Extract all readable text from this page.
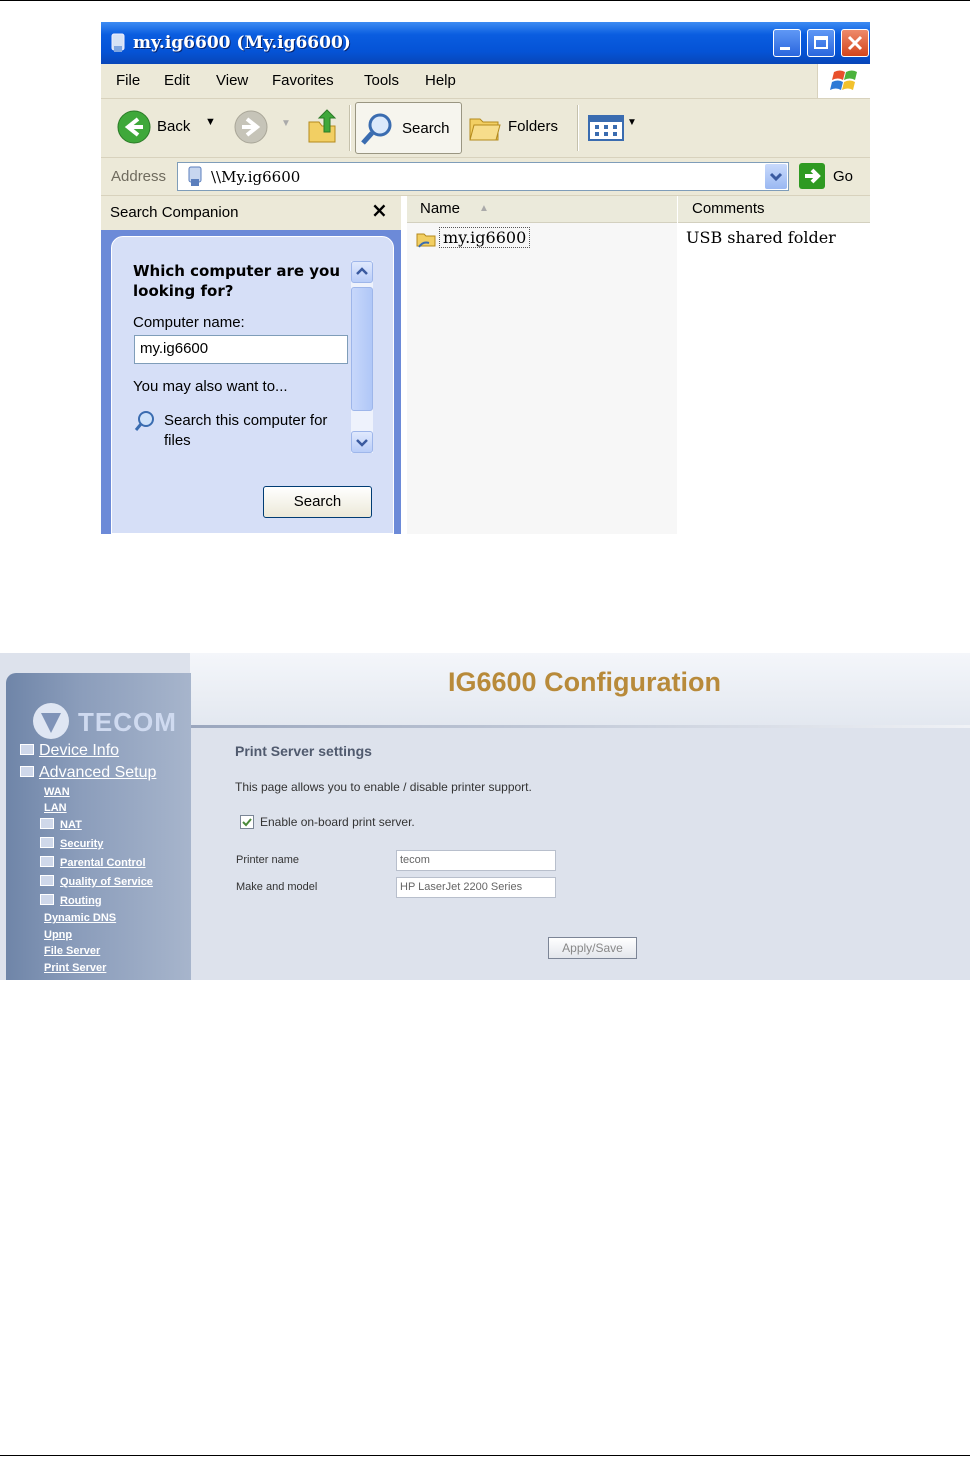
my.ig6600 (My.ig6600)
File Edit View Favorites Tools Help
Back ▼	▼	Search	Folders	▼
Address	\\My.ig6600	Go
Search Companion	×
Which computer are you looking for?
Computer name:
my.ig6600
You may also want to...
Search this computer for files
Search
Name ▲	Comments
my.ig6600	USB shared folder
IG6600 Configuration
TECOM
Device Info
Advanced Setup
WAN
LAN
NAT
Security
Parental Control
Quality of Service
Routing
Dynamic DNS
Upnp
File Server
Print Server
Print Server settings
This page allows you to enable / disable printer support.
Enable on-board print server.
Printer name	tecom
Make and model	HP LaserJet 2200 Series
Apply/Save
